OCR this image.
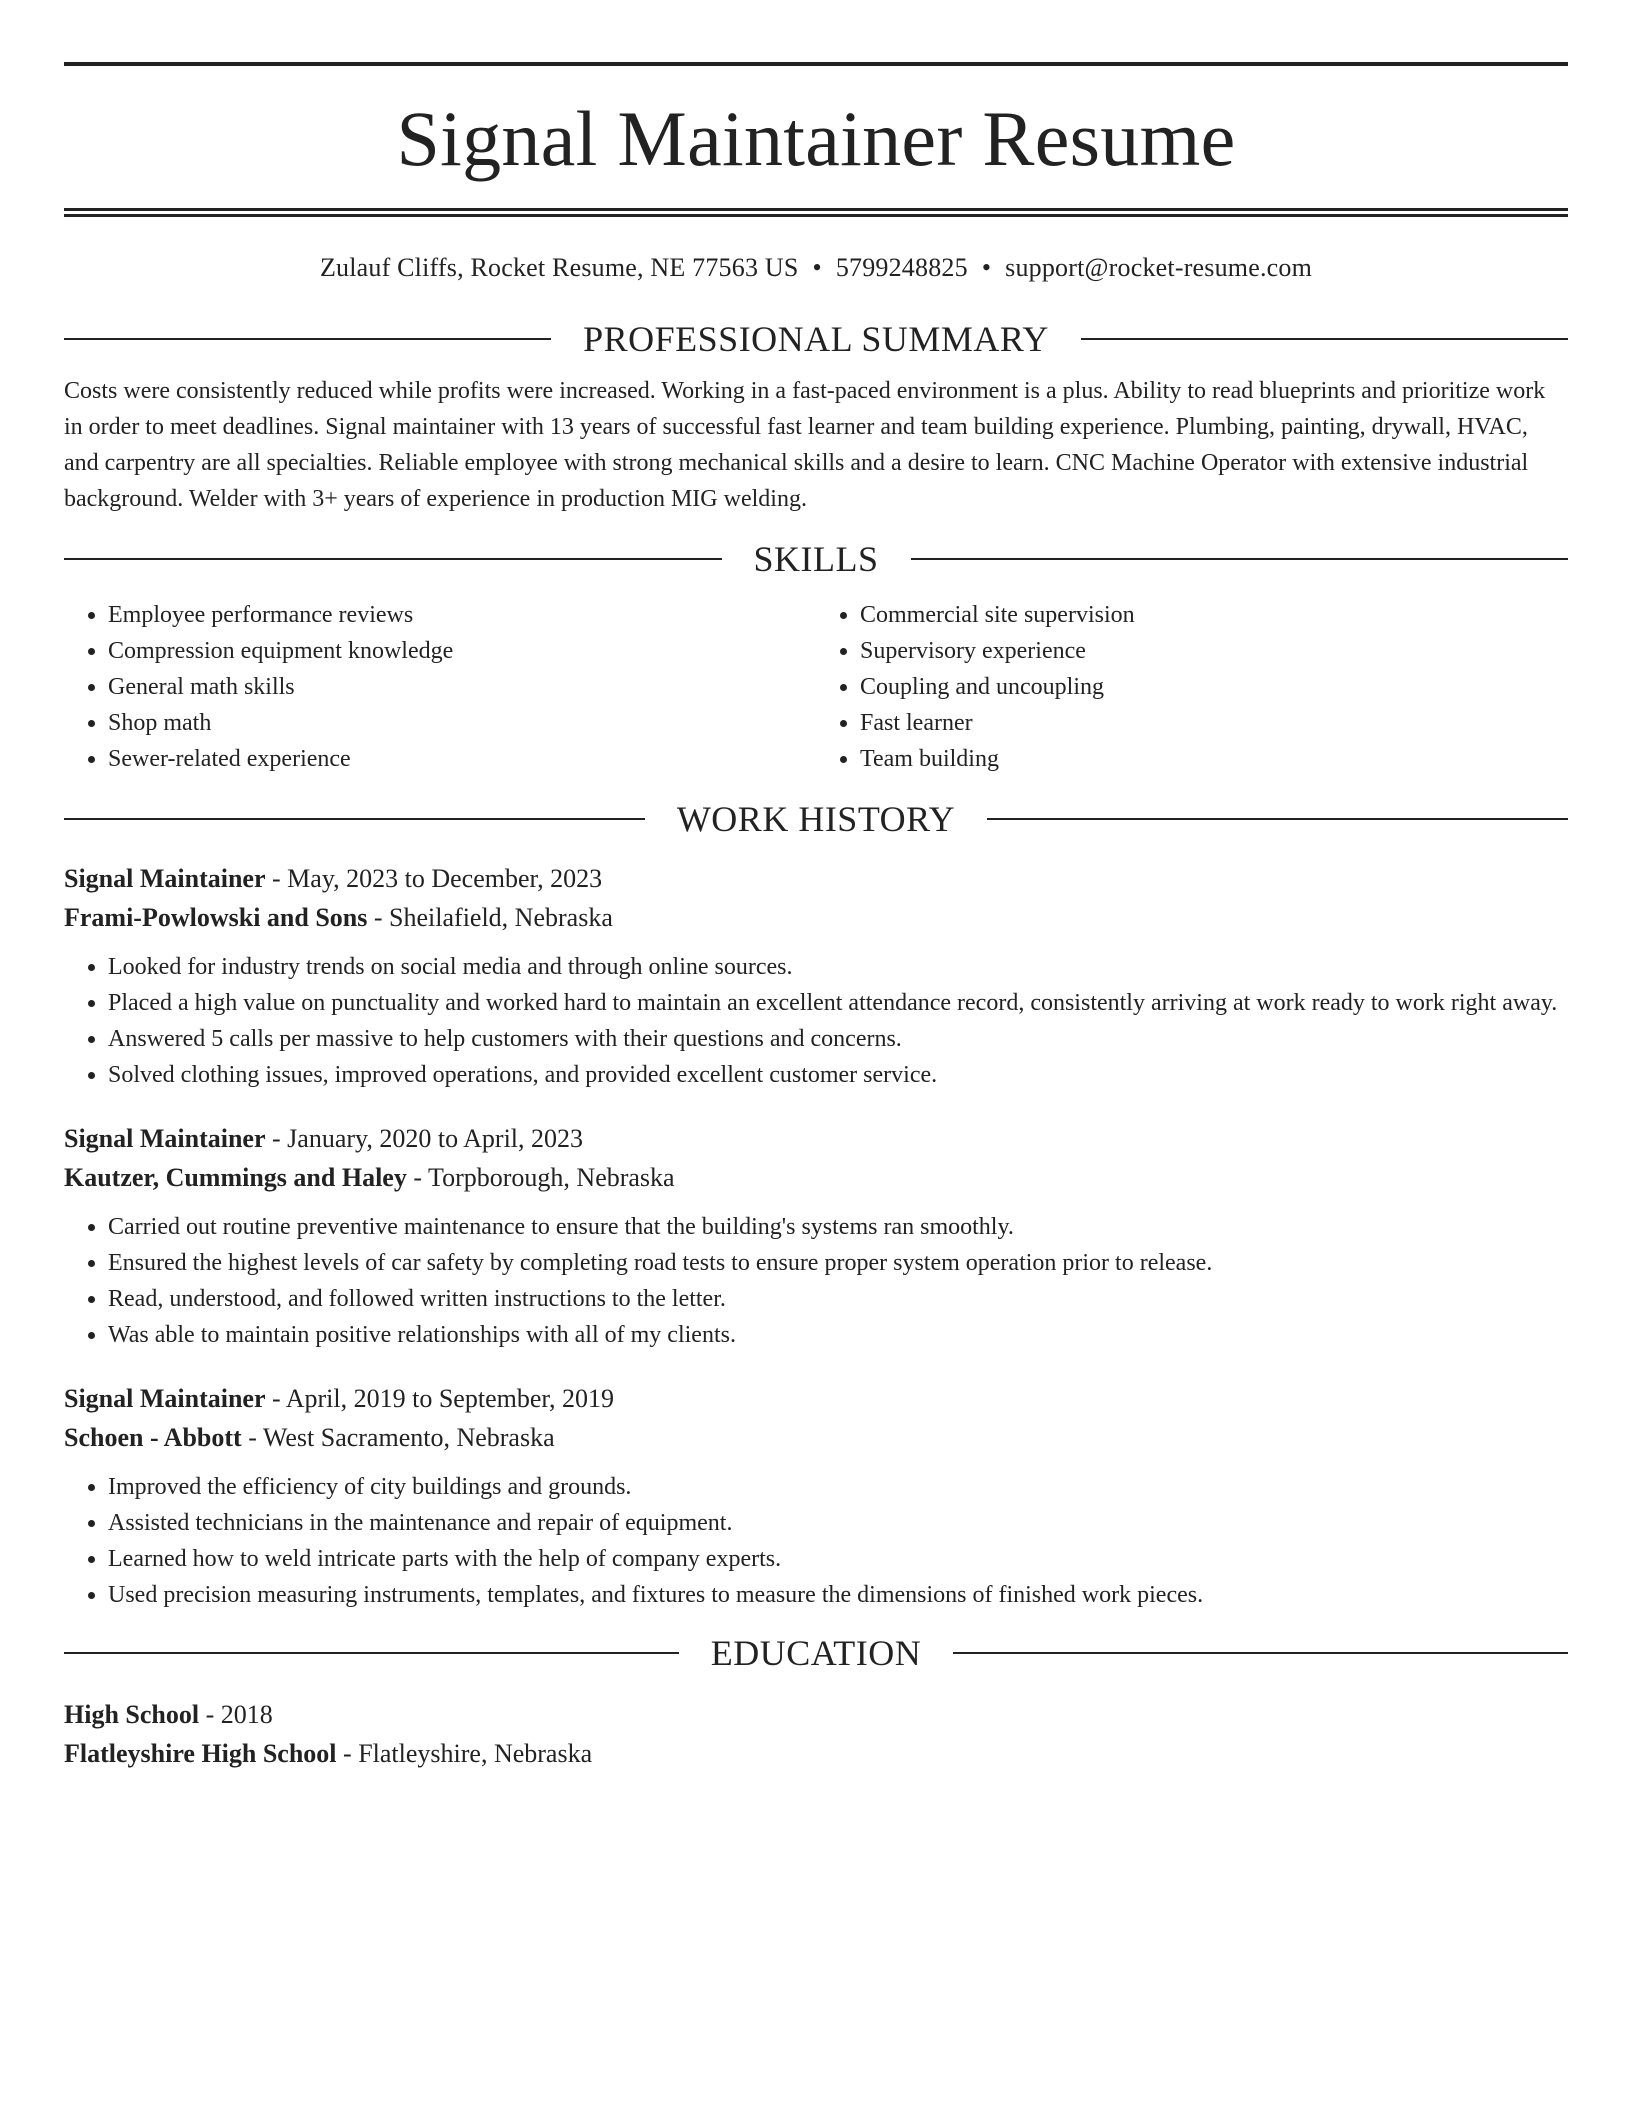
Signal Maintainer Resume
Zulauf Cliffs, Rocket Resume, NE 77563 US • 5799248825 • support@rocket-resume.com
PROFESSIONAL SUMMARY

Costs were consistently reduced while profits were increased. Working in a fast-paced environment is a plus. Ability to read blueprints and prioritize work in order to meet deadlines. Signal maintainer with 13 years of successful fast learner and team building experience. Plumbing, painting, drywall, HVAC, and carpentry are all specialties. Reliable employee with strong mechanical skills and a desire to learn. CNC Machine Operator with extensive industrial background. Welder with 3+ years of experience in production MIG welding.

SKILLS
• Employee performance reviews
• Compression equipment knowledge
• General math skills
• Shop math
• Sewer-related experience
• Commercial site supervision
• Supervisory experience
• Coupling and uncoupling
• Fast learner
• Team building
WORK HISTORY
Signal Maintainer - May, 2023 to December, 2023
Frami-Powlowski and Sons - Sheilafield, Nebraska
• Looked for industry trends on social media and through online sources.
• Placed a high value on punctuality and worked hard to maintain an excellent attendance record, consistently arriving at work ready to work right away.
• Answered 5 calls per massive to help customers with their questions and concerns.
• Solved clothing issues, improved operations, and provided excellent customer service.
Signal Maintainer - January, 2020 to April, 2023
Kautzer, Cummings and Haley - Torpborough, Nebraska
• Carried out routine preventive maintenance to ensure that the building's systems ran smoothly.
• Ensured the highest levels of car safety by completing road tests to ensure proper system operation prior to release.
• Read, understood, and followed written instructions to the letter.
• Was able to maintain positive relationships with all of my clients.
Signal Maintainer - April, 2019 to September, 2019
Schoen - Abbott - West Sacramento, Nebraska
• Improved the efficiency of city buildings and grounds.
• Assisted technicians in the maintenance and repair of equipment.
• Learned how to weld intricate parts with the help of company experts.
• Used precision measuring instruments, templates, and fixtures to measure the dimensions of finished work pieces.
EDUCATION
High School - 2018
Flatleyshire High School - Flatleyshire, Nebraska
